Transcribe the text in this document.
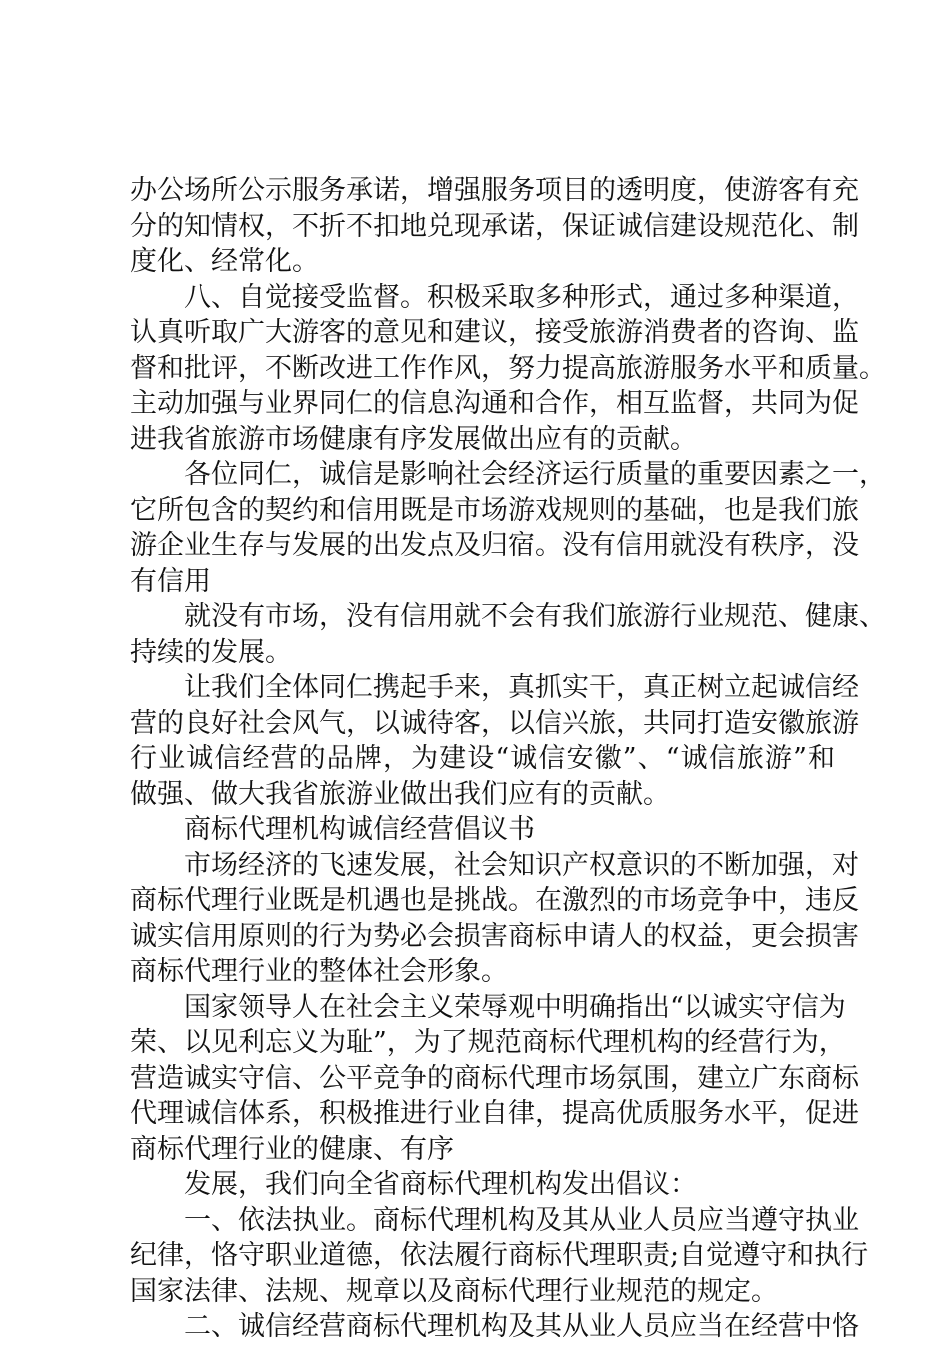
办公场所公示服务承诺，增强服务项目的透明度，使游客有充
分的知情权，不折不扣地兑现承诺，保证诚信建设规范化、制
度化、经常化。
八、自觉接受监督。积极采取多种形式，通过多种渠道，
认真听取广大游客的意见和建议，接受旅游消费者的咨询、监
督和批评，不断改进工作作风，努力提高旅游服务水平和质量。
主动加强与业界同仁的信息沟通和合作，相互监督，共同为促
进我省旅游市场健康有序发展做出应有的贡献。
各位同仁，诚信是影响社会经济运行质量的重要因素之一，
它所包含的契约和信用既是市场游戏规则的基础，也是我们旅
游企业生存与发展的出发点及归宿。没有信用就没有秩序，没
有信用
就没有市场，没有信用就不会有我们旅游行业规范、健康、
持续的发展。
让我们全体同仁携起手来，真抓实干，真正树立起诚信经
营的良好社会风气，以诚待客，以信兴旅，共同打造安徽旅游
行业诚信经营的品牌，为建设“诚信安徽”、“诚信旅游”和
做强、做大我省旅游业做出我们应有的贡献。
商标代理机构诚信经营倡议书
市场经济的飞速发展，社会知识产权意识的不断加强，对
商标代理行业既是机遇也是挑战。在激烈的市场竞争中，违反
诚实信用原则的行为势必会损害商标申请人的权益，更会损害
商标代理行业的整体社会形象。
国家领导人在社会主义荣辱观中明确指出“以诚实守信为
荣、以见利忘义为耻”，为了规范商标代理机构的经营行为，
营造诚实守信、公平竞争的商标代理市场氛围，建立广东商标
代理诚信体系，积极推进行业自律，提高优质服务水平，促进
商标代理行业的健康、有序
发展，我们向全省商标代理机构发出倡议：
一、依法执业。商标代理机构及其从业人员应当遵守执业
纪律，恪守职业道德，依法履行商标代理职责;自觉遵守和执行
国家法律、法规、规章以及商标代理行业规范的规定。
二、诚信经营商标代理机构及其从业人员应当在经营中恪
